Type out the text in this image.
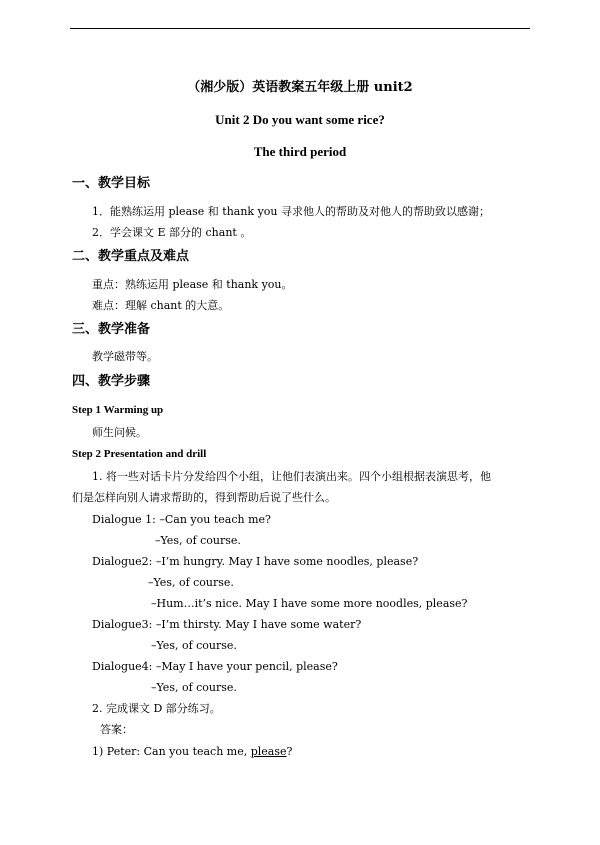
（湘少版）英语教案五年级上册 unit2
Unit 2 Do you want some rice?
The third period
一、教学目标
1．能熟练运用 please 和 thank you 寻求他人的帮助及对他人的帮助致以感谢；
2．学会课文 E 部分的 chant 。
二、教学重点及难点
重点：熟练运用 please 和 thank you。
难点：理解 chant 的大意。
三、教学准备
教学磁带等。
四、教学步骤
Step 1 Warming up
师生问候。
Step 2 Presentation and drill
1. 将一些对话卡片分发给四个小组，让他们表演出来。四个小组根据表演思考，他
们是怎样向别人请求帮助的，得到帮助后说了些什么。
Dialogue 1: –Can you teach me?
–Yes, of course.
Dialogue2: –I’m hungry. May I have some noodles, please?
–Yes, of course.
–Hum…it’s nice. May I have some more noodles, please?
Dialogue3: –I’m thirsty. May I have some water?
–Yes, of course.
Dialogue4: –May I have your pencil, please?
–Yes, of course.
2. 完成课文 D 部分练习。
答案：
1) Peter: Can you teach me, please?
